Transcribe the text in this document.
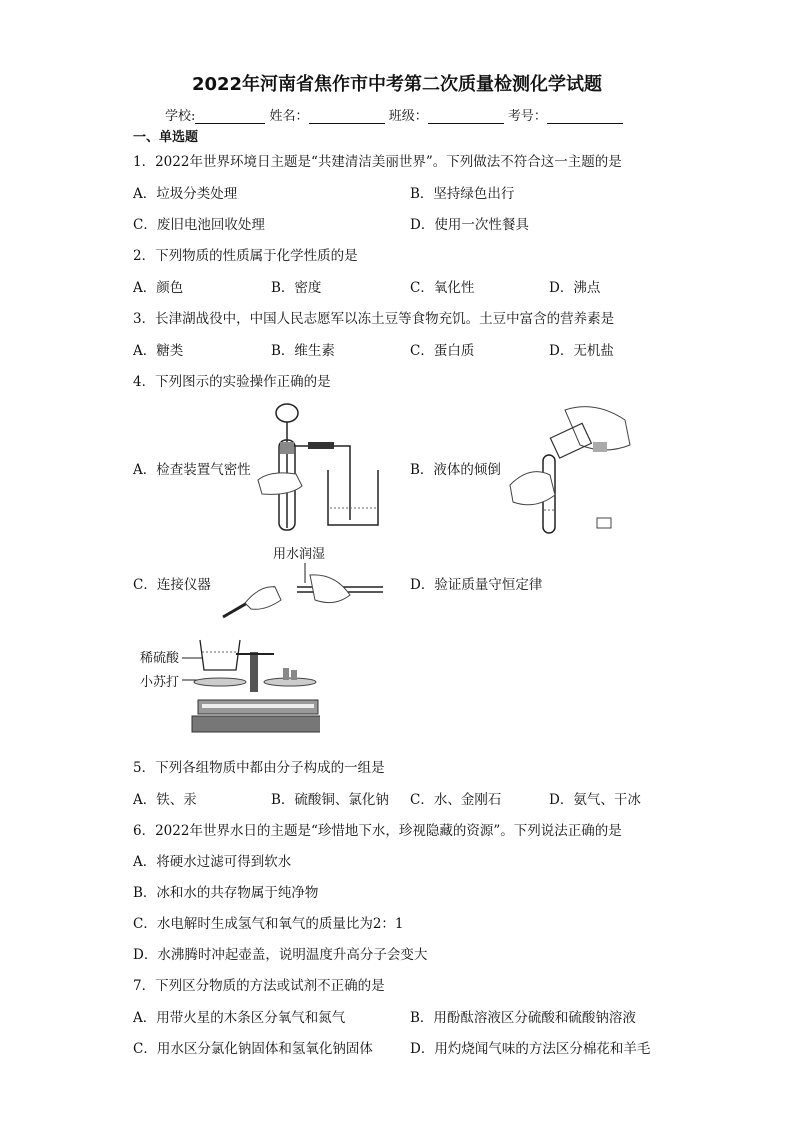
2022年河南省焦作市中考第二次质量检测化学试题
学校:	姓名：	班级：	考号：
一、单选题
1．2022年世界环境日主题是“共建清洁美丽世界”。下列做法不符合这一主题的是
A．垃圾分类处理	B．坚持绿色出行
C．废旧电池回收处理	D．使用一次性餐具
2．下列物质的性质属于化学性质的是
A．颜色	B．密度	C．氧化性	D．沸点
3．长津湖战役中，中国人民志愿军以冻土豆等食物充饥。土豆中富含的营养素是
A．糖类	B．维生素	C．蛋白质	D．无机盐
4．下列图示的实验操作正确的是
A．检查装置气密性	B．液体的倾倒
C．连接仪器	D．验证质量守恒定律
用水润湿
稀硫酸
小苏打
5．下列各组物质中都由分子构成的一组是
A．铁、汞	B．硫酸铜、氯化钠 C．水、金刚石	D．氨气、干冰
6．2022年世界水日的主题是“珍惜地下水，珍视隐藏的资源”。下列说法正确的是
A．将硬水过滤可得到软水
B．冰和水的共存物属于纯净物
C．水电解时生成氢气和氧气的质量比为2：1
D．水沸腾时冲起壶盖，说明温度升高分子会变大
7．下列区分物质的方法或试剂不正确的是
A．用带火星的木条区分氧气和氮气	B．用酚酞溶液区分硫酸和硫酸钠溶液
C．用水区分氯化钠固体和氢氧化钠固体	D．用灼烧闻气味的方法区分棉花和羊毛
